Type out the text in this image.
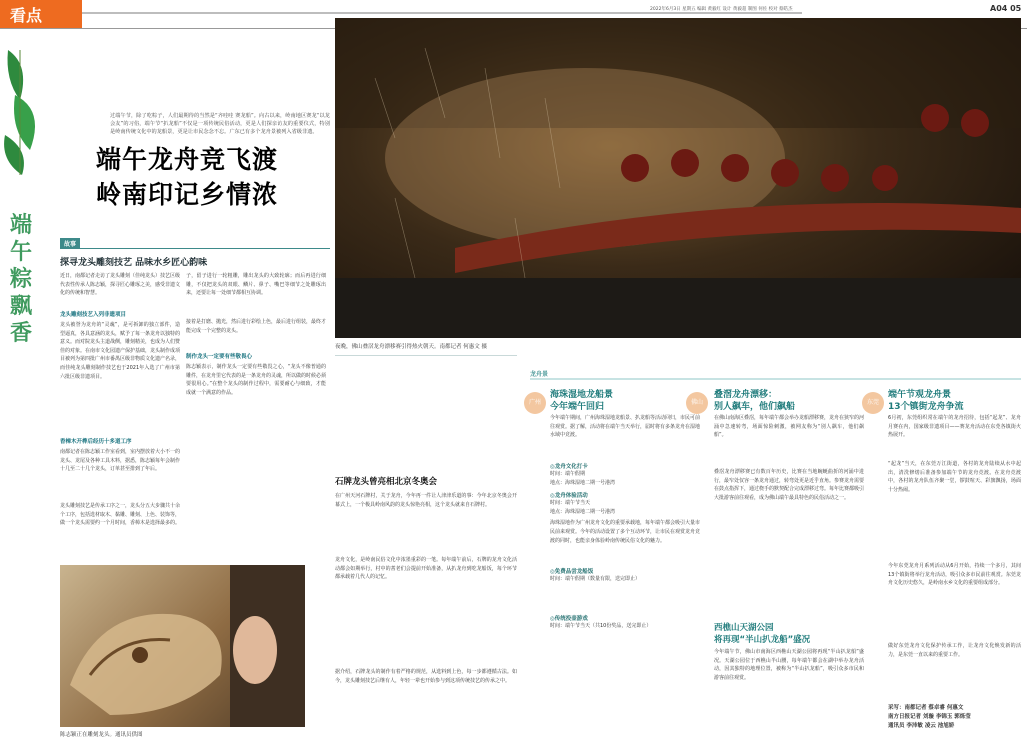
看点	2022年6月3日 星期五 编辑 黄毅红 设计 黄毅超 制图 何佐 校对 蔡皓杰	A04 05
过端午节，除了吃粽子，人们最期待的当然是“齐哇哇 赛龙船”。向古以来，岭南地区赛龙“以龙会友”的习俗，端午节“扒龙船”不仅是一项传统民俗活动，更是人们探亲访友的重要仪式，特别是岭南传统文化中的龙船景，更是让市民念念不忘。广东已有多个龙舟景被列入省级非遗。
端午龙舟竞飞渡
岭南印记乡情浓
端午粽飘香
夜晚，佛山叠滘龙舟漂移赛引得热火朝天。南都记者 何惠文 摄
故事
探寻龙头雕刻技艺 品味水乡匠心韵味
近日，南都记者走访了龙头雕刻（佳纯龙头）技艺区级代表性传承人陈志颖，探寻匠心雕琢之美，感受非遗文化的传统和智慧。
龙头雕刻技艺入列非遗项目
龙头被誉为龙舟的“灵魂”，是可拆卸的独立部件，造型逼真，各具意涵的龙头，赋予了每一条龙舟以独特的意义。而对院龙头主道战侧，雕刻精美，也成为人们赞佳的对象。在南市文化园遗产保护基础，龙头制作成项目被列为第四批广州市番禺区级非物质文化遗产名录，而佳纯龙头雕刻制作技艺也于2021年入选了广州市第六批区级非遗项目。
香樟木开榫后经历十多道工序
南都记者在陈志颖工作室看到，室内摆放着大小不一的龙头、龙尾及各种工具木料，据悉，陈志颖每年会制作十几至二十几个龙头，订单甚至排到了年后。
龙头雕刻技艺是传承工序之一，龙头分五大步骤共十余个工序，包括选材取木、黏雕、雕刻、上色、装饰等，做一个龙头需要约一个月时间，香樟木是选择最多的。
子，留子进行一轮粗雕，雕出龙头的大致轮廓；而后再进行细雕，不仅把龙头的双眼、鳞片、鼻子、嘴巴等细节之处雕琢出来，还要让每一处细节都相互协调。
接着是打磨、抛光，然后进行彩绘上色，最后进行组装，最终才能完成一个完整的龙头。
制作龙头一定要有些敬畏心
陈志颖表示，制作龙头一定要有些敬畏之心，“龙头不像普通的雕件，在龙舟里它代表的是一条龙舟的灵魂，所以做的时候必须要很用心。”在整个龙头的制作过程中，需要耐心与细致，才能成就一个满意的作品。
陈志颖正在雕刻龙头。通讯员供图
石牌龙头曾亮相北京冬奥会
在广州天河石牌村，关于龙舟，今年再一件让人津津乐道的事：今年北京冬奥会开幕式上，一个极具岭南风韵的龙头惊艳亮相，这个龙头就来自石牌村。
龙舟文化，是岭南民俗文化中浓墨重彩的一笔。每年端午前后，石牌的龙舟文化活动都会如期举行，村中的耆老们会提前开始准备，从扒龙舟到吃龙船饭，每个环节都承载着几代人的记忆。
据介绍，石牌龙头的制作有着严格的规范，从选料到上色，每一步都遵循古法。如今，龙头雕刻技艺后继有人，年轻一辈也开始参与到这项传统技艺的传承之中。
龙舟景
广州
海珠湿地龙船景
今年端午回归
今年端午期间，广州海珠湿地龙船景、扒龙船等活动回归，市民可前往观赏。据了解，活动将在端午当天举行，届时将有多条龙舟在湿地水域中竞渡。
◎龙舟文化打卡
时间：端午假期
地点：海珠湿地二期一号港湾
◎龙舟体验活动
时间：端午节当天
地点：海珠湿地二期一号港湾
海珠湿地作为广州龙舟文化的重要承载地，每年端午都会吸引大量市民前来观赏。今年的活动设置了多个互动环节，让市民在观赏龙舟竞渡的同时，也能亲身体验岭南传统民俗文化的魅力。
◎免费品尝龙船饭
时间：端午假期（数量有限，送完即止）
◎传统投壶游戏
时间：端午节当天（共10份奖品，送完即止）
佛山
叠滘龙舟漂移：
别人飙车，他们飙船
在佛山南海区叠滘，每年端午都会举办龙船漂移赛，龙舟在狭窄的河涌中急速转弯，场面惊险刺激，被网友称为“别人飙车，他们飙船”。
叠滘龙舟漂移赛已有数百年历史，比赛在当地蜿蜒曲折的河涌中进行，最窄处仅容一条龙舟通过，转弯处更是近乎直角。参赛龙舟需要在鼓点指挥下，通过桡手的默契配合完成漂移过弯。每年比赛都吸引大批游客前往观看，成为佛山端午最具特色的民俗活动之一。
西樵山天湖公园
将再现“半山扒龙船”盛况
今年端午节，佛山市南海区西樵山天湖公园将再现“半山扒龙船”盛况。天湖公园位于西樵山半山腰，每年端午都会在湖中举办龙舟活动，因其独特的地理位置，被称为“半山扒龙船”，吸引众多市民和游客前往观赏。
东莞
端午节观龙舟景
13个镇街龙舟争流
6月初，东莞组织常在端午的龙舟招待，包括“起龙”、龙舟月赛在内，国家级非遗项目——赛龙舟活动在东莞各镇街火热展开。
“起龙”当天，在东莞万江街道，各村的龙舟陆续从水中起出，清洗修缮后准备参加端午节的龙舟竞渡。在龙舟竞渡中，各村的龙舟队伍齐聚一堂，锣鼓喧天、彩旗飘扬，场面十分热闹。
今年东莞龙舟月系列活动从6月开始，持续一个多月，其间13个镇街将举行龙舟活动，吸引众多市民前往观赏。东莞龙舟文化历史悠久，是岭南水乡文化的重要组成部分。
做好东莞龙舟文化保护传承工作，让龙舟文化焕发新的活力，是东莞一直以来的重要工作。
采写：南都记者 蔡卓睿 何惠文
南方日报记者 刘璇 李锦玉 郭烁莹
通讯员 李沛敏 凌云 池旭娇
